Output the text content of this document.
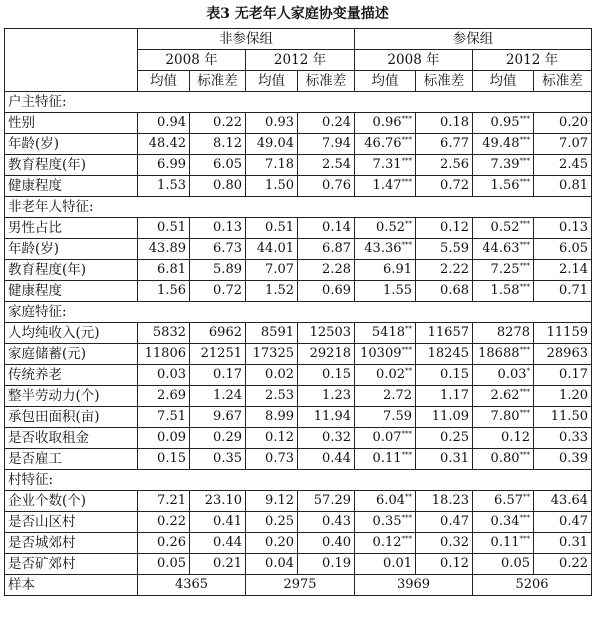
表3 无老年人家庭协变量描述
	非参保组				参保组			
	2008 年		2012 年		2008 年		2012 年	
	均值	标准差	均值	标准差	均值	标准差	均值	标准差
户主特征:								
性别	0.94	0.22	0.93	0.24	0.96***	0.18	0.95***	0.20
年龄(岁)	48.42	8.12	49.04	7.94	46.76***	6.77	49.48***	7.07
教育程度(年)	6.99	6.05	7.18	2.54	7.31***	2.56	7.39***	2.45
健康程度	1.53	0.80	1.50	0.76	1.47***	0.72	1.56***	0.81
非老年人特征:								
男性占比	0.51	0.13	0.51	0.14	0.52**	0.12	0.52***	0.13
年龄(岁)	43.89	6.73	44.01	6.87	43.36***	5.59	44.63***	6.05
教育程度(年)	6.81	5.89	7.07	2.28	6.91	2.22	7.25***	2.14
健康程度	1.56	0.72	1.52	0.69	1.55	0.68	1.58***	0.71
家庭特征:								
人均纯收入(元)	5832	6962	8591	12503	5418**	11657	8278	11159
家庭储蓄(元)	11806	21251	17325	29218	10309***	18245	18688***	28963
传统养老	0.03	0.17	0.02	0.15	0.02**	0.15	0.03*	0.17
整半劳动力(个)	2.69	1.24	2.53	1.23	2.72	1.17	2.62***	1.20
承包田面积(亩)	7.51	9.67	8.99	11.94	7.59	11.09	7.80***	11.50
是否收取租金	0.09	0.29	0.12	0.32	0.07***	0.25	0.12	0.33
是否雇工	0.15	0.35	0.73	0.44	0.11***	0.31	0.80***	0.39
村特征:								
企业个数(个)	7.21	23.10	9.12	57.29	6.04**	18.23	6.57**	43.64
是否山区村	0.22	0.41	0.25	0.43	0.35***	0.47	0.34***	0.47
是否城郊村	0.26	0.44	0.20	0.40	0.12***	0.32	0.11***	0.31
是否矿郊村	0.05	0.21	0.04	0.19	0.01	0.12	0.05	0.22
样本	4365		2975		3969		5206	
